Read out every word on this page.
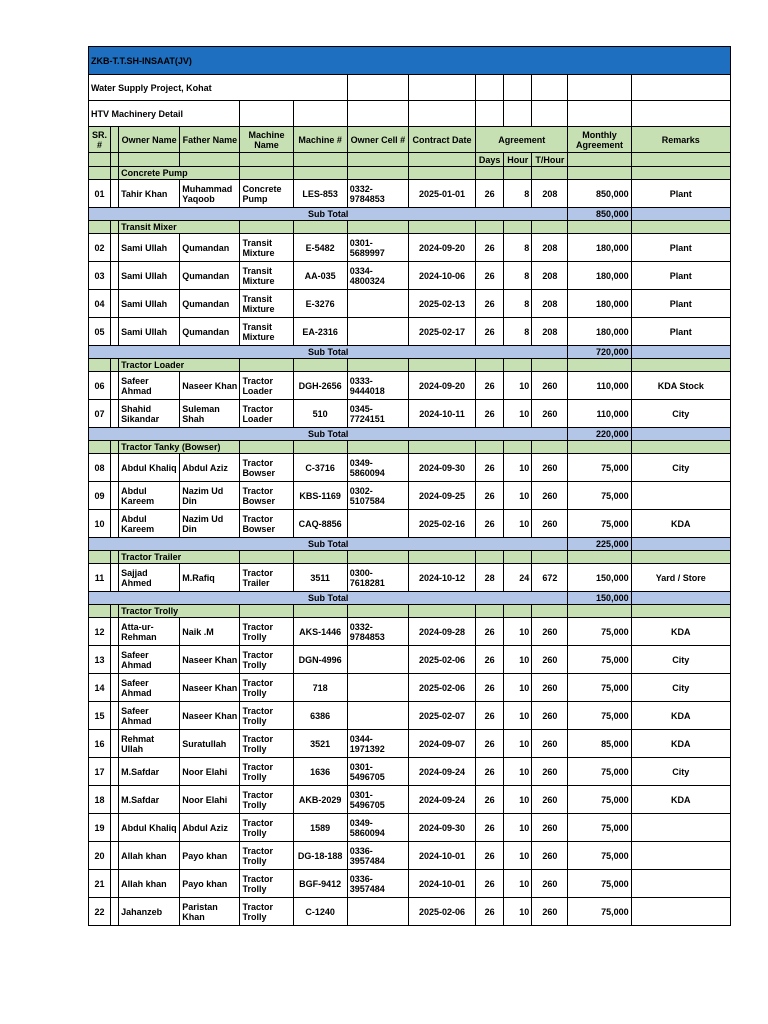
ZKB-T.T.SH-INSAAT(JV)												
Water Supply Project, Kohat												
HTV Machinery Detail												
SR. #		Owner Name	Father Name	Machine Name	Machine #	Owner Cell #	Contract Date	Agreement			Monthly Agreement	Remarks
								Days	Hour	T/Hour		
		Concrete Pump										
01		Tahir Khan	Muhammad Yaqoob	Concrete Pump	LES-853	0332-9784853	2025-01-01	26	8	208	850,000	Plant
Sub Total											850,000	
		Transit Mixer										
02		Sami Ullah	Qumandan	Transit Mixture	E-5482	0301-5689997	2024-09-20	26	8	208	180,000	Plant
03		Sami Ullah	Qumandan	Transit Mixture	AA-035	0334-4800324	2024-10-06	26	8	208	180,000	Plant
04		Sami Ullah	Qumandan	Transit Mixture	E-3276		2025-02-13	26	8	208	180,000	Plant
05		Sami Ullah	Qumandan	Transit Mixture	EA-2316		2025-02-17	26	8	208	180,000	Plant
Sub Total											720,000	
		Tractor Loader										
06		Safeer Ahmad	Naseer Khan	Tractor Loader	DGH-2656	0333-9444018	2024-09-20	26	10	260	110,000	KDA Stock
07		Shahid Sikandar	Suleman Shah	Tractor Loader	510	0345-7724151	2024-10-11	26	10	260	110,000	City
Sub Total											220,000	
		Tractor Tanky (Bowser)										
08		Abdul Khaliq	Abdul Aziz	Tractor Bowser	C-3716	0349-5860094	2024-09-30	26	10	260	75,000	City
09		Abdul Kareem	Nazim Ud Din	Tractor Bowser	KBS-1169	0302-5107584	2024-09-25	26	10	260	75,000	
10		Abdul Kareem	Nazim Ud Din	Tractor Bowser	CAQ-8856		2025-02-16	26	10	260	75,000	KDA
Sub Total											225,000	
		Tractor Trailer										
11		Sajjad Ahmed	M.Rafiq	Tractor Trailer	3511	0300-7618281	2024-10-12	28	24	672	150,000	Yard / Store
Sub Total											150,000	
		Tractor Trolly										
12		Atta-ur-Rehman	Naik .M	Tractor Trolly	AKS-1446	0332-9784853	2024-09-28	26	10	260	75,000	KDA
13		Safeer Ahmad	Naseer Khan	Tractor Trolly	DGN-4996		2025-02-06	26	10	260	75,000	City
14		Safeer Ahmad	Naseer Khan	Tractor Trolly	718		2025-02-06	26	10	260	75,000	City
15		Safeer Ahmad	Naseer Khan	Tractor Trolly	6386		2025-02-07	26	10	260	75,000	KDA
16		Rehmat Ullah	Suratullah	Tractor Trolly	3521	0344-1971392	2024-09-07	26	10	260	85,000	KDA
17		M.Safdar	Noor Elahi	Tractor Trolly	1636	0301-5496705	2024-09-24	26	10	260	75,000	City
18		M.Safdar	Noor Elahi	Tractor Trolly	AKB-2029	0301-5496705	2024-09-24	26	10	260	75,000	KDA
19		Abdul Khaliq	Abdul Aziz	Tractor Trolly	1589	0349-5860094	2024-09-30	26	10	260	75,000	
20		Allah khan	Payo khan	Tractor Trolly	DG-18-188	0336-3957484	2024-10-01	26	10	260	75,000	
21		Allah khan	Payo khan	Tractor Trolly	BGF-9412	0336-3957484	2024-10-01	26	10	260	75,000	
22		Jahanzeb	Paristan Khan	Tractor Trolly	C-1240		2025-02-06	26	10	260	75,000	
